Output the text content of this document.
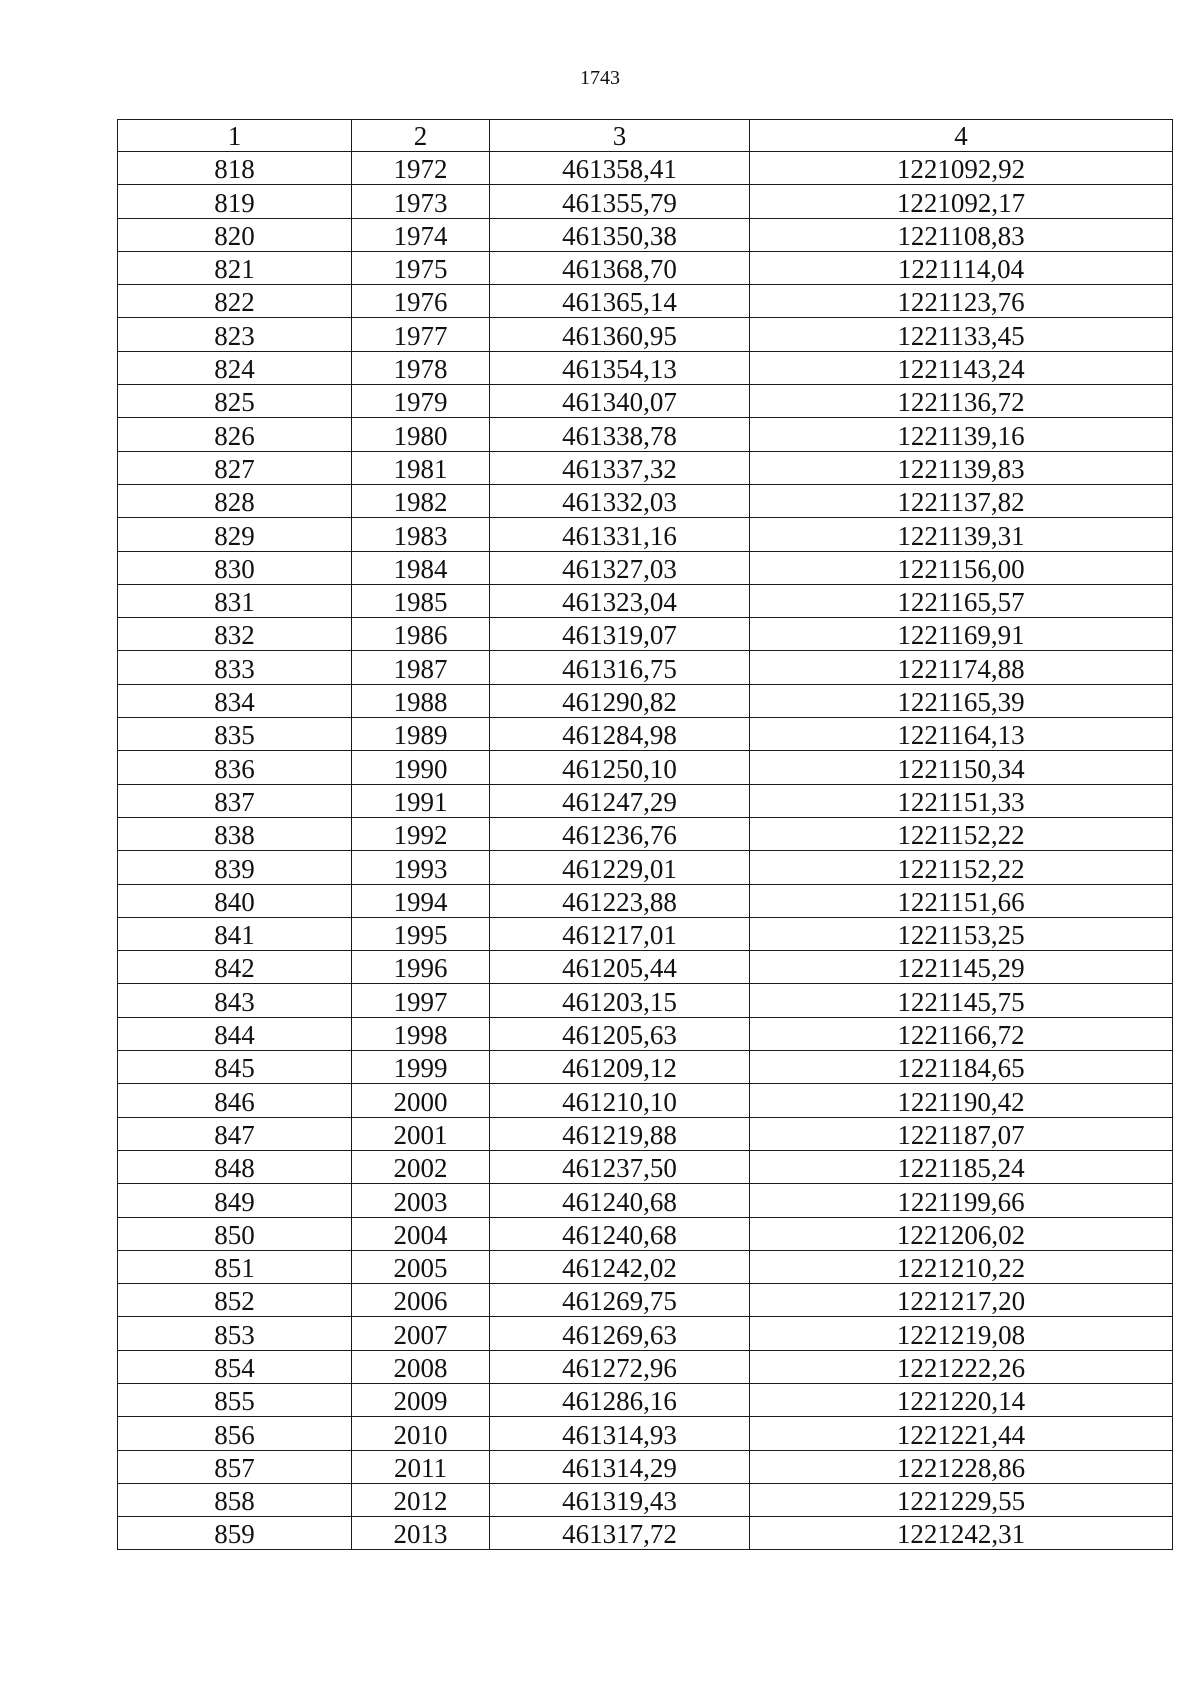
1743
1	2	3	4
818	1972	461358,41	1221092,92
819	1973	461355,79	1221092,17
820	1974	461350,38	1221108,83
821	1975	461368,70	1221114,04
822	1976	461365,14	1221123,76
823	1977	461360,95	1221133,45
824	1978	461354,13	1221143,24
825	1979	461340,07	1221136,72
826	1980	461338,78	1221139,16
827	1981	461337,32	1221139,83
828	1982	461332,03	1221137,82
829	1983	461331,16	1221139,31
830	1984	461327,03	1221156,00
831	1985	461323,04	1221165,57
832	1986	461319,07	1221169,91
833	1987	461316,75	1221174,88
834	1988	461290,82	1221165,39
835	1989	461284,98	1221164,13
836	1990	461250,10	1221150,34
837	1991	461247,29	1221151,33
838	1992	461236,76	1221152,22
839	1993	461229,01	1221152,22
840	1994	461223,88	1221151,66
841	1995	461217,01	1221153,25
842	1996	461205,44	1221145,29
843	1997	461203,15	1221145,75
844	1998	461205,63	1221166,72
845	1999	461209,12	1221184,65
846	2000	461210,10	1221190,42
847	2001	461219,88	1221187,07
848	2002	461237,50	1221185,24
849	2003	461240,68	1221199,66
850	2004	461240,68	1221206,02
851	2005	461242,02	1221210,22
852	2006	461269,75	1221217,20
853	2007	461269,63	1221219,08
854	2008	461272,96	1221222,26
855	2009	461286,16	1221220,14
856	2010	461314,93	1221221,44
857	2011	461314,29	1221228,86
858	2012	461319,43	1221229,55
859	2013	461317,72	1221242,31
